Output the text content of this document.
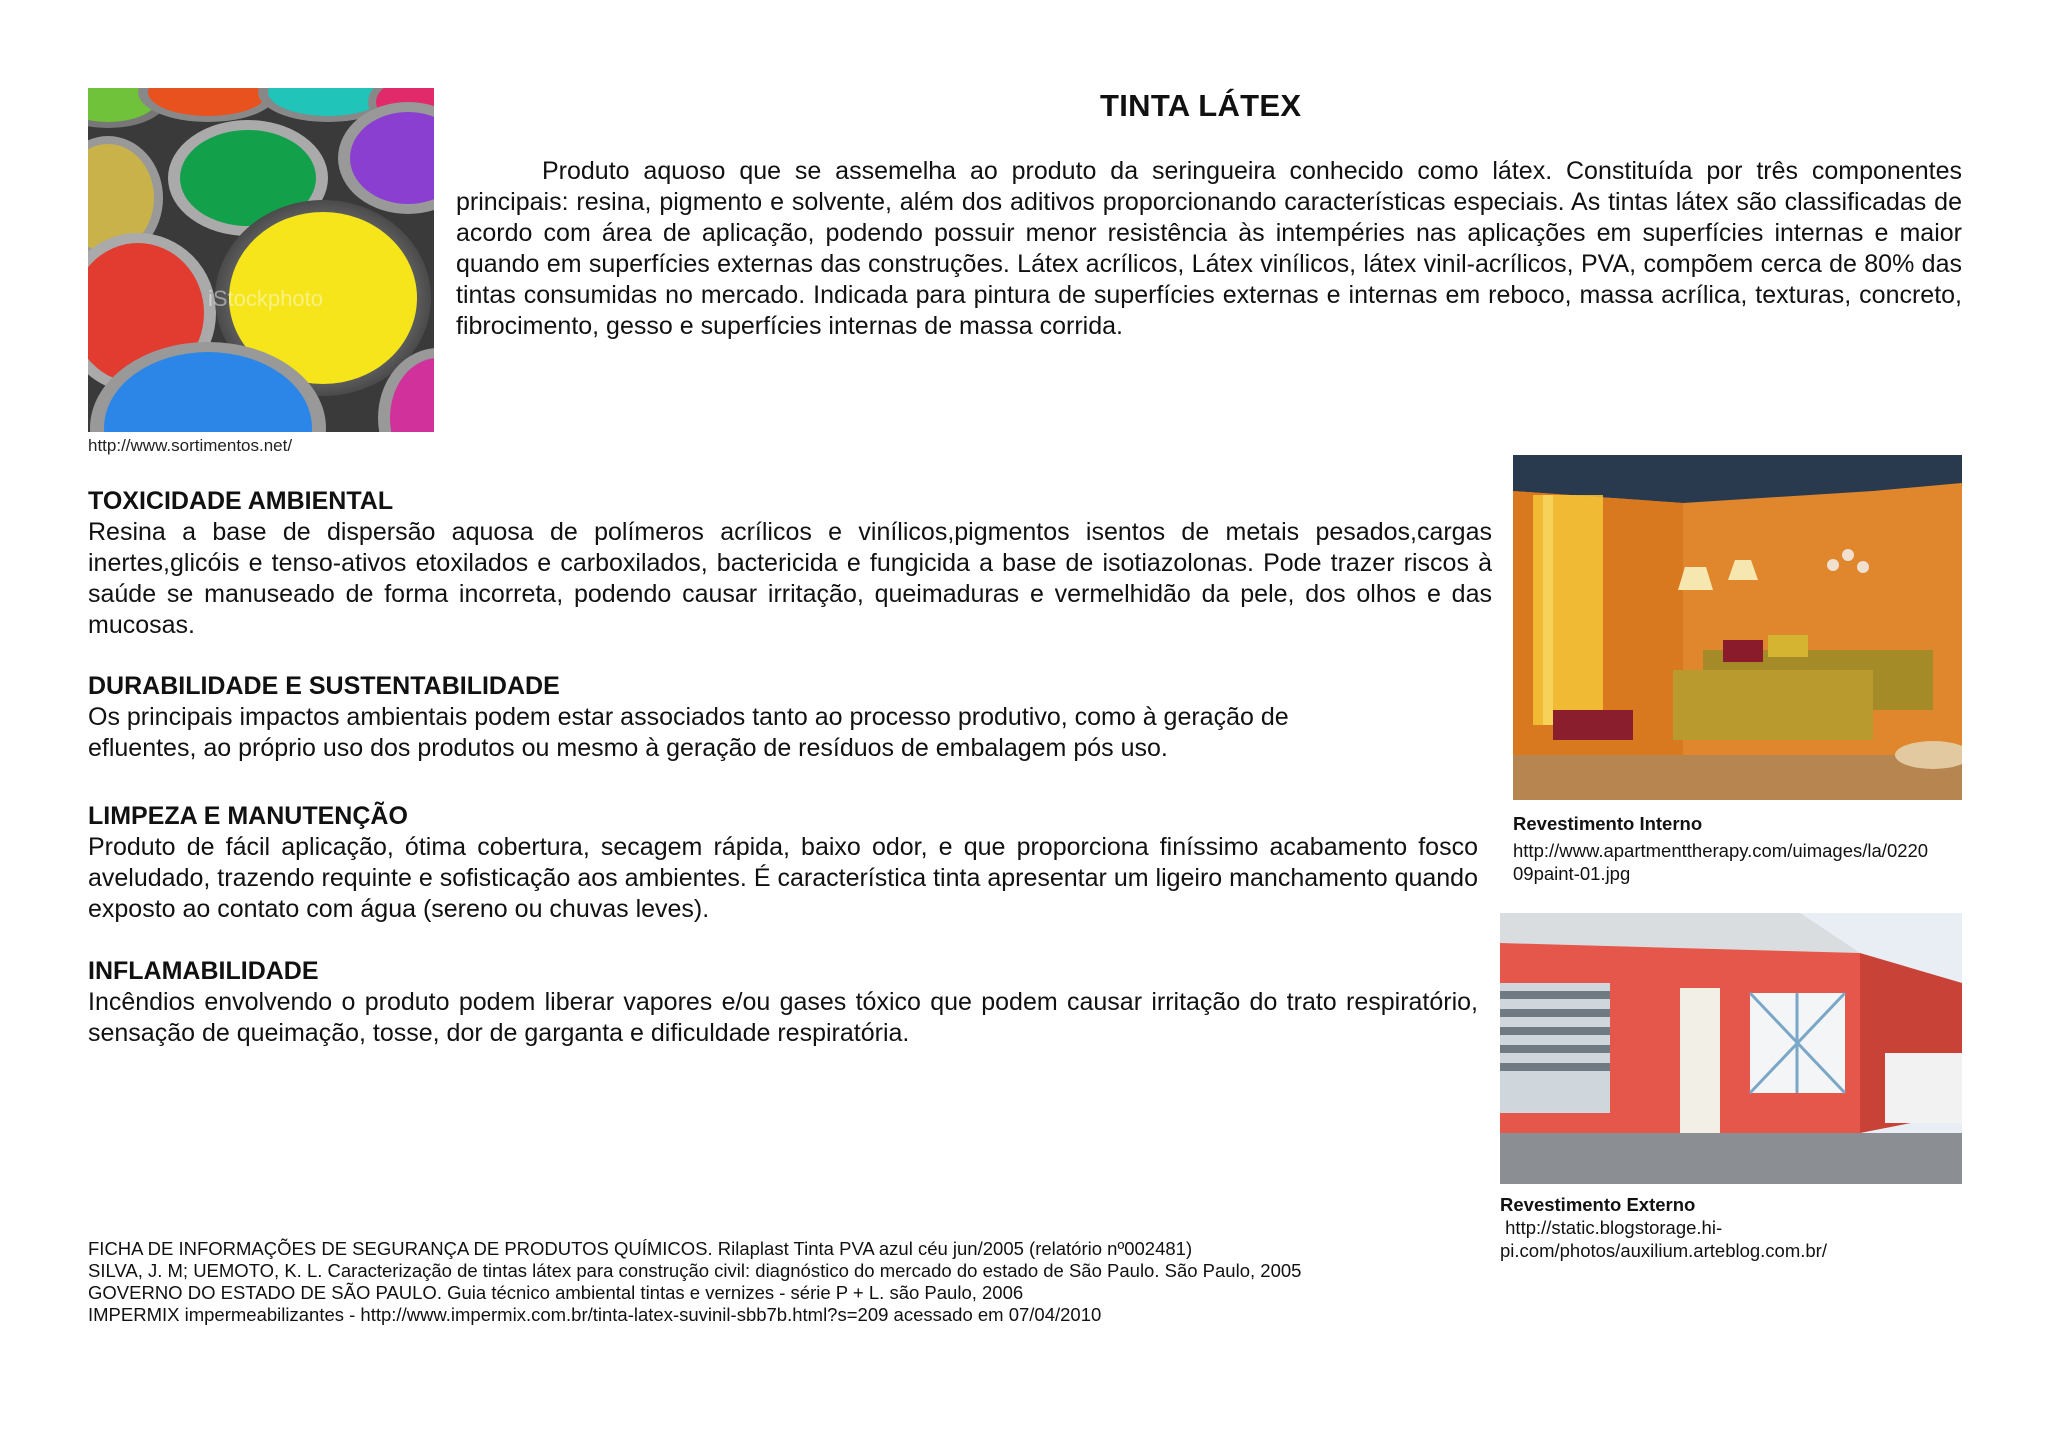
iStockphoto
http://www.sortimentos.net/
TINTA LÁTEX
Produto aquoso que se assemelha ao produto da seringueira conhecido como látex. Constituída por três componentes principais: resina, pigmento e solvente, além dos aditivos proporcionando características especiais. As tintas látex são classificadas de acordo com área de aplicação, podendo possuir menor resistência às intempéries nas aplicações em superfícies internas e maior quando em superfícies externas das construções. Látex acrílicos, Látex vinílicos, látex vinil-acrílicos, PVA, compõem cerca de 80% das tintas consumidas no mercado. Indicada para pintura de superfícies externas e internas em reboco, massa acrílica, texturas, concreto, fibrocimento, gesso e superfícies internas de massa corrida.
TOXICIDADE AMBIENTAL
Resina a base de dispersão aquosa de polímeros acrílicos e vinílicos,pigmentos isentos de metais pesados,cargas inertes,glicóis e tenso-ativos etoxilados e carboxilados, bactericida e fungicida a base de isotiazolonas. Pode trazer riscos à saúde se manuseado de forma incorreta, podendo causar irritação, queimaduras e vermelhidão da pele, dos olhos e das mucosas.
DURABILIDADE E SUSTENTABILIDADE
Os principais impactos ambientais podem estar associados tanto ao processo produtivo, como à geração de efluentes, ao próprio uso dos produtos ou mesmo à geração de resíduos de embalagem pós uso.
LIMPEZA E MANUTENÇÃO
Produto de fácil aplicação, ótima cobertura, secagem rápida, baixo odor, e que proporciona finíssimo acabamento fosco aveludado, trazendo requinte e sofisticação aos ambientes. É característica tinta apresentar um ligeiro manchamento quando exposto ao contato com água (sereno ou chuvas leves).
INFLAMABILIDADE
Incêndios envolvendo o produto podem liberar vapores e/ou gases tóxico que podem causar irritação do trato respiratório, sensação de queimação, tosse, dor de garganta e dificuldade respiratória.
Revestimento Interno
http://www.apartmenttherapy.com/uimages/la/0220
09paint-01.jpg
Revestimento Externo
http://static.blogstorage.hi-
pi.com/photos/auxilium.arteblog.com.br/
FICHA DE INFORMAÇÕES DE SEGURANÇA DE PRODUTOS QUÍMICOS. Rilaplast Tinta PVA azul céu jun/2005 (relatório nº002481)
SILVA, J. M; UEMOTO, K. L. Caracterização de tintas látex para construção civil: diagnóstico do mercado do estado de São Paulo. São Paulo, 2005
GOVERNO DO ESTADO DE SÃO PAULO. Guia técnico ambiental tintas e vernizes - série P + L. são Paulo, 2006
IMPERMIX impermeabilizantes - http://www.impermix.com.br/tinta-latex-suvinil-sbb7b.html?s=209 acessado em 07/04/2010
